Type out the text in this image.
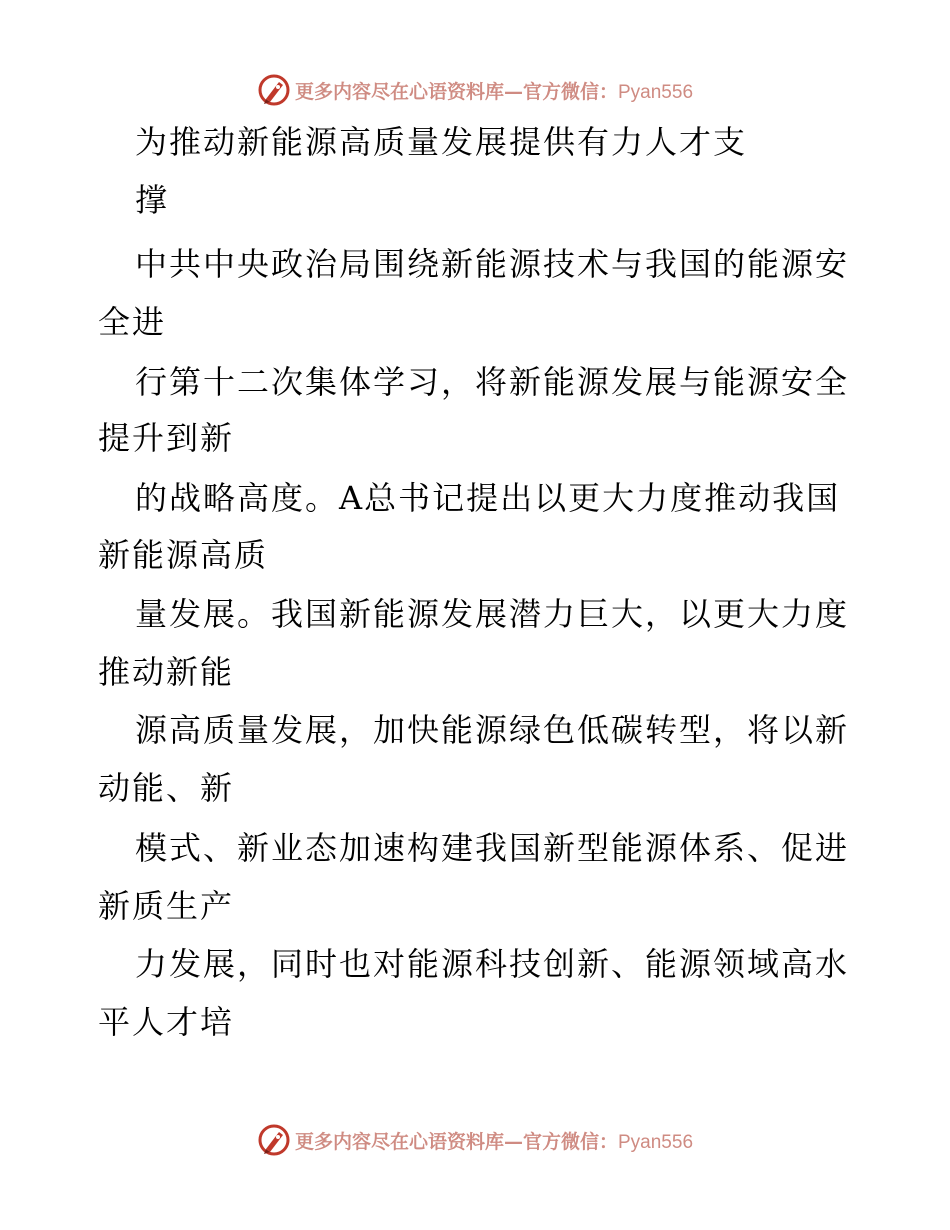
更多内容尽在心语资料库—官方微信：Pyan556
为推动新能源高质量发展提供有力人才支
撑
中共中央政治局围绕新能源技术与我国的能源安
全进
行第十二次集体学习，将新能源发展与能源安全
提升到新
的战略高度。A总书记提出以更大力度推动我国
新能源高质
量发展。我国新能源发展潜力巨大，以更大力度
推动新能
源高质量发展，加快能源绿色低碳转型，将以新
动能、新
模式、新业态加速构建我国新型能源体系、促进
新质生产
力发展，同时也对能源科技创新、能源领域高水
平人才培
更多内容尽在心语资料库—官方微信：Pyan556
